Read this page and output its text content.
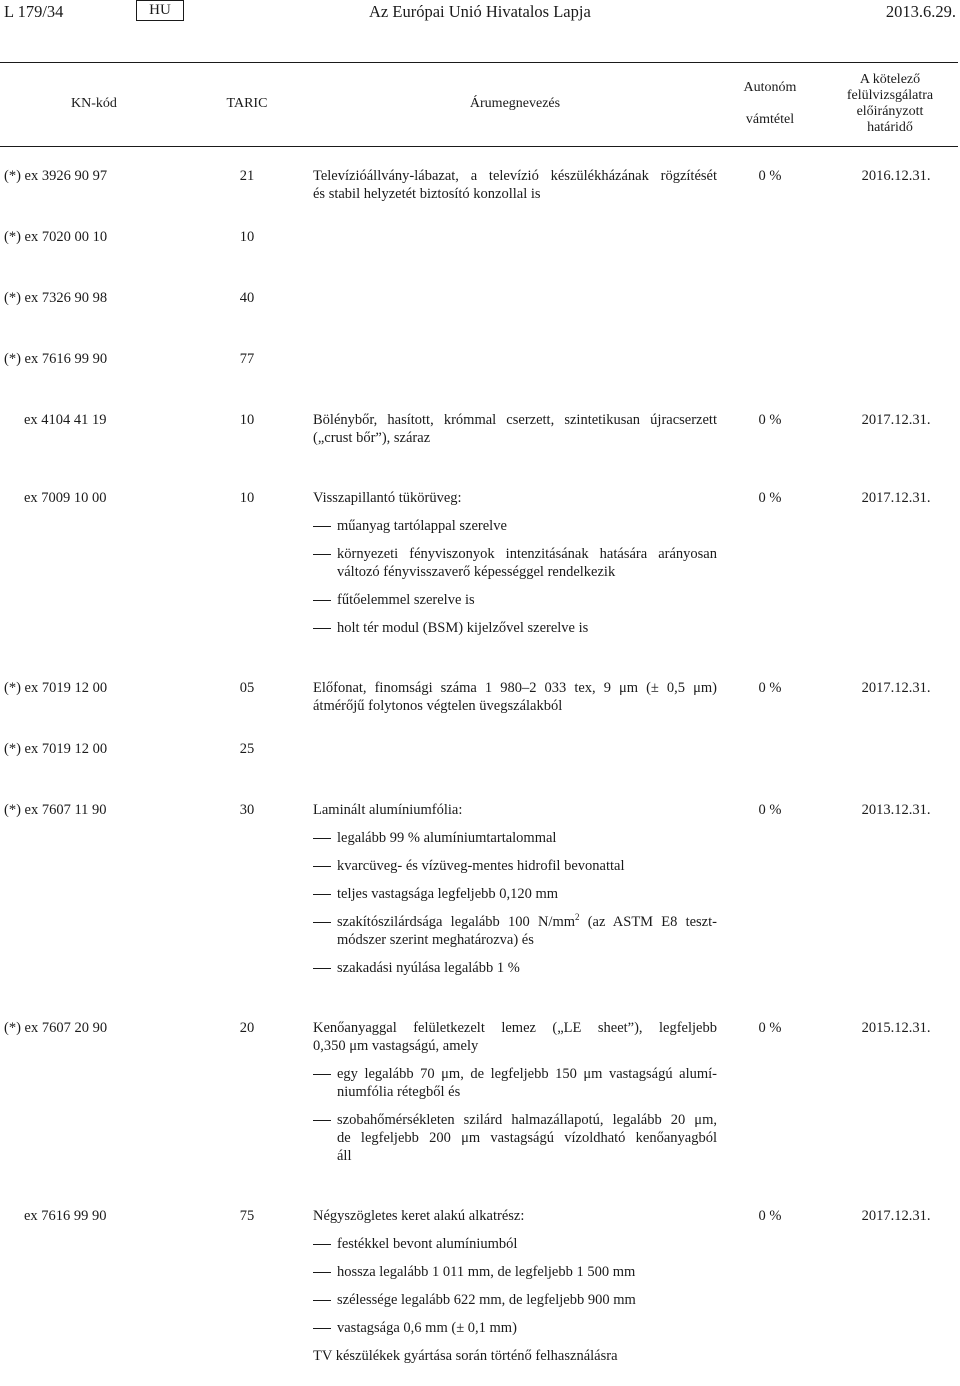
L 179/34	HU	Az Európai Unió Hivatalos Lapja	2013.6.29.
KN-kód	TARIC	Árumegnevezés
Autonóm
vámtétel
A kötelező
felülvizsgálatra
előirányzott
határidő
(*) ex 3926 90 97	21	Televízióállvány-lábazat, a televízió készülékházának rögzítését
és stabil helyzetét biztosító konzollal is
0 %	2016.12.31.
(*) ex 7020 00 10	10
(*) ex 7326 90 98	40
(*) ex 7616 99 90	77
ex 4104 41 19	10	Bölénybőr, hasított, krómmal cserzett, szintetikusan újracserzett
(„crust bőr”), száraz
0 %	2017.12.31.
ex 7009 10 00	10	Visszapillantó tükörüveg:
műanyag tartólappal szerelve
környezeti fényviszonyok intenzitásának hatására arányosan változó fényvisszaverő képességgel rendelkezik
fűtőelemmel szerelve is
holt tér modul (BSM) kijelzővel szerelve is
0 %	2017.12.31.
(*) ex 7019 12 00	05	Előfonat, finomsági száma 1 980–2 033 tex, 9 μm (± 0,5 μm)
átmérőjű folytonos végtelen üvegszálakból
0 %	2017.12.31.
(*) ex 7019 12 00	25
(*) ex 7607 11 90	30	Laminált alumíniumfólia:
legalább 99 % alumíniumtartalommal
kvarcüveg- és vízüveg-mentes hidrofil bevonattal
teljes vastagsága legfeljebb 0,120 mm
szakítószilárdsága legalább 100 $N/mm^2$ (az ASTM E8 teszt-
módszer szerint meghatározva) és
szakadási nyúlása legalább 1 %
0 %	2013.12.31.
(*) ex 7607 20 90	20	Kenőanyaggal felületkezelt lemez („LE sheet”), legfeljebb
0,350 μm vastagságú, amely
egy legalább 70 μm, de legfeljebb 150 μm vastagságú alumí-
niumfólia rétegből és
szobahőmérsékleten szilárd halmazállapotú, legalább 20 μm,
de legfeljebb 200 μm vastagságú vízoldható kenőanyagból
áll
0 %	2015.12.31.
ex 7616 99 90	75	Négyszögletes keret alakú alkatrész:
festékkel bevont alumíniumból
hossza legalább 1 011 mm, de legfeljebb 1 500 mm
szélessége legalább 622 mm, de legfeljebb 900 mm
vastagsága 0,6 mm (± 0,1 mm)
TV készülékek gyártása során történő felhasználásra
0 %	2017.12.31.
